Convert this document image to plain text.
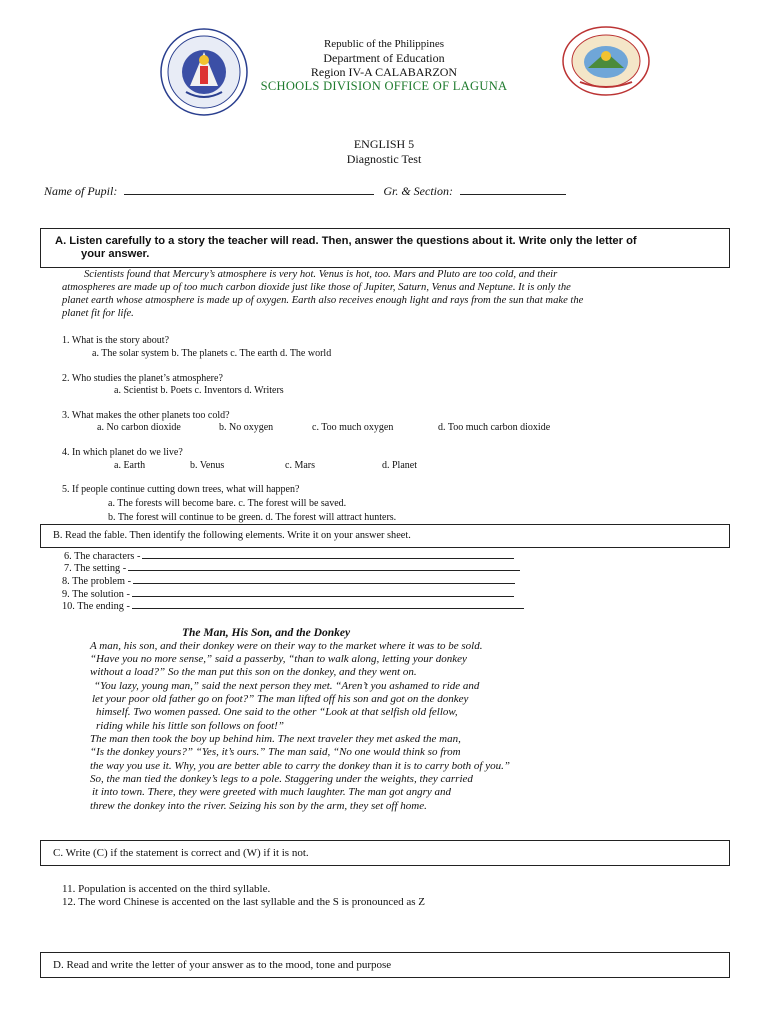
Republic of the Philippines
Department of Education
Region IV-A CALABARZON
SCHOOLS DIVISION OFFICE OF LAGUNA
ENGLISH 5
Diagnostic Test
Name of Pupil:	Gr. & Section:
A. Listen carefully to a story the teacher will read. Then, answer the questions about it. Write only the letter of
your answer.
Scientists found that Mercury’s atmosphere is very hot. Venus is hot, too. Mars and Pluto are too cold, and their
atmospheres are made up of too much carbon dioxide just like those of Jupiter, Saturn, Venus and Neptune. It is only the
planet earth whose atmosphere is made up of oxygen. Earth also receives enough light and rays from the sun that make the
planet fit for life.
1. What is the story about?
a. The solar system b. The planets c. The earth d. The world
2. Who studies the planet’s atmosphere?
a. Scientist b. Poets c. Inventors d. Writers
3. What makes the other planets too cold?
a. No carbon dioxide	b. No oxygen	c. Too much oxygen	d. Too much carbon dioxide
4. In which planet do we live?
a. Earth	b. Venus	c. Mars	d. Planet
5. If people continue cutting down trees, what will happen?
a. The forests will become bare. c. The forest will be saved.
b. The forest will continue to be green. d. The forest will attract hunters.
B. Read the fable. Then identify the following elements. Write it on your answer sheet.
6. The characters -
7. The setting -
8. The problem -
9. The solution -
10. The ending -
The Man, His Son, and the Donkey
A man, his son, and their donkey were on their way to the market where it was to be sold.
“Have you no more sense,” said a passerby, “than to walk along, letting your donkey
without a load?” So the man put this son on the donkey, and they went on.
“You lazy, young man,” said the next person they met. “Aren’t you ashamed to ride and
let your poor old father go on foot?” The man lifted off his son and got on the donkey
himself. Two women passed. One said to the other “Look at that selfish old fellow,
riding while his little son follows on foot!”
The man then took the boy up behind him. The next traveler they met asked the man,
“Is the donkey yours?” “Yes, it’s ours.” The man said, “No one would think so from
the way you use it. Why, you are better able to carry the donkey than it is to carry both of you.”
So, the man tied the donkey’s legs to a pole. Staggering under the weights, they carried
it into town. There, they were greeted with much laughter. The man got angry and
threw the donkey into the river. Seizing his son by the arm, they set off home.
C. Write (C) if the statement is correct and (W) if it is not.
11. Population is accented on the third syllable.
12. The word Chinese is accented on the last syllable and the S is pronounced as Z
D. Read and write the letter of your answer as to the mood, tone and purpose
